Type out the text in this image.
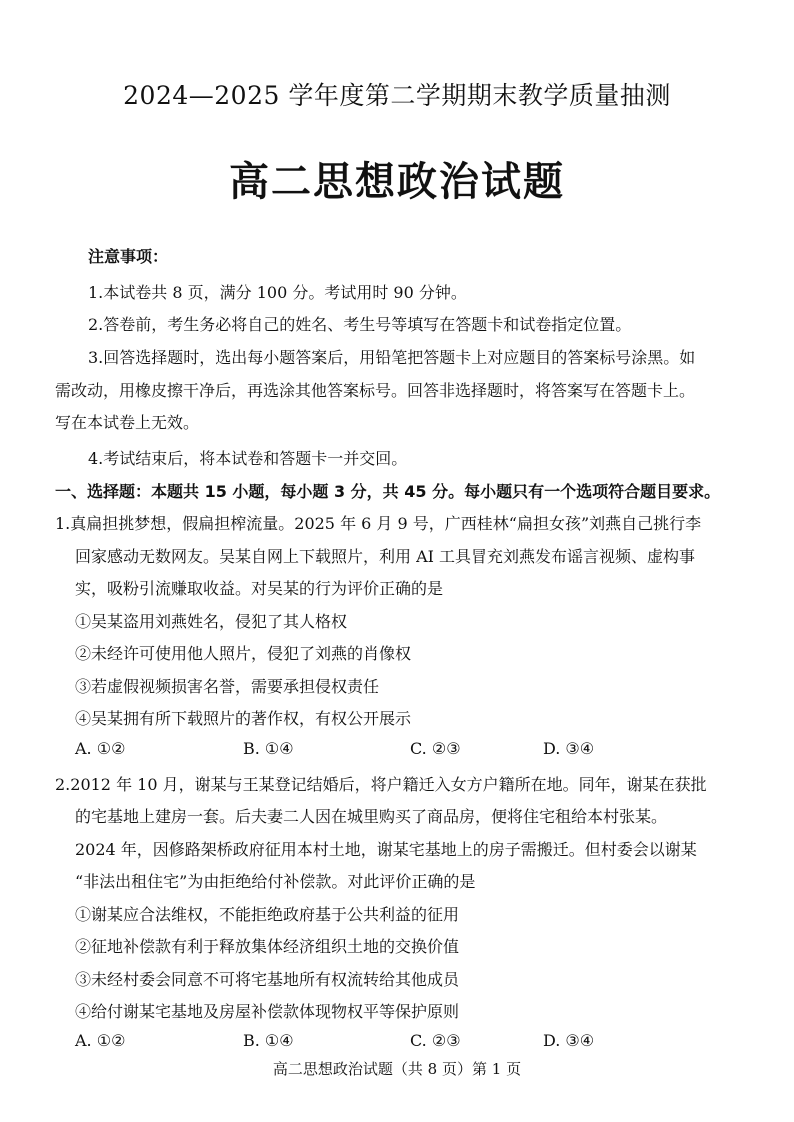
2024—2025 学年度第二学期期末教学质量抽测
高二思想政治试题
注意事项：
1.本试卷共 8 页，满分 100 分。考试用时 90 分钟。
2.答卷前，考生务必将自己的姓名、考生号等填写在答题卡和试卷指定位置。
3.回答选择题时，选出每小题答案后，用铅笔把答题卡上对应题目的答案标号涂黑。如
需改动，用橡皮擦干净后，再选涂其他答案标号。回答非选择题时，将答案写在答题卡上。
写在本试卷上无效。
4.考试结束后，将本试卷和答题卡一并交回。
一、选择题：本题共 15 小题，每小题 3 分，共 45 分。每小题只有一个选项符合题目要求。
1.真扁担挑梦想，假扁担榨流量。2025 年 6 月 9 号，广西桂林“扁担女孩”刘燕自己挑行李
回家感动无数网友。吴某自网上下载照片，利用 AI 工具冒充刘燕发布谣言视频、虚构事
实，吸粉引流赚取收益。对吴某的行为评价正确的是
①吴某盗用刘燕姓名，侵犯了其人格权
②未经许可使用他人照片，侵犯了刘燕的肖像权
③若虚假视频损害名誉，需要承担侵权责任
④吴某拥有所下载照片的著作权，有权公开展示
A. ①②	B. ①④	C. ②③	D. ③④
2.2012 年 10 月，谢某与王某登记结婚后，将户籍迁入女方户籍所在地。同年，谢某在获批
的宅基地上建房一套。后夫妻二人因在城里购买了商品房，便将住宅租给本村张某。
2024 年，因修路架桥政府征用本村土地，谢某宅基地上的房子需搬迁。但村委会以谢某
“非法出租住宅”为由拒绝给付补偿款。对此评价正确的是
①谢某应合法维权，不能拒绝政府基于公共利益的征用
②征地补偿款有利于释放集体经济组织土地的交换价值
③未经村委会同意不可将宅基地所有权流转给其他成员
④给付谢某宅基地及房屋补偿款体现物权平等保护原则
A. ①②	B. ①④	C. ②③	D. ③④
高二思想政治试题（共 8 页）第 1 页
